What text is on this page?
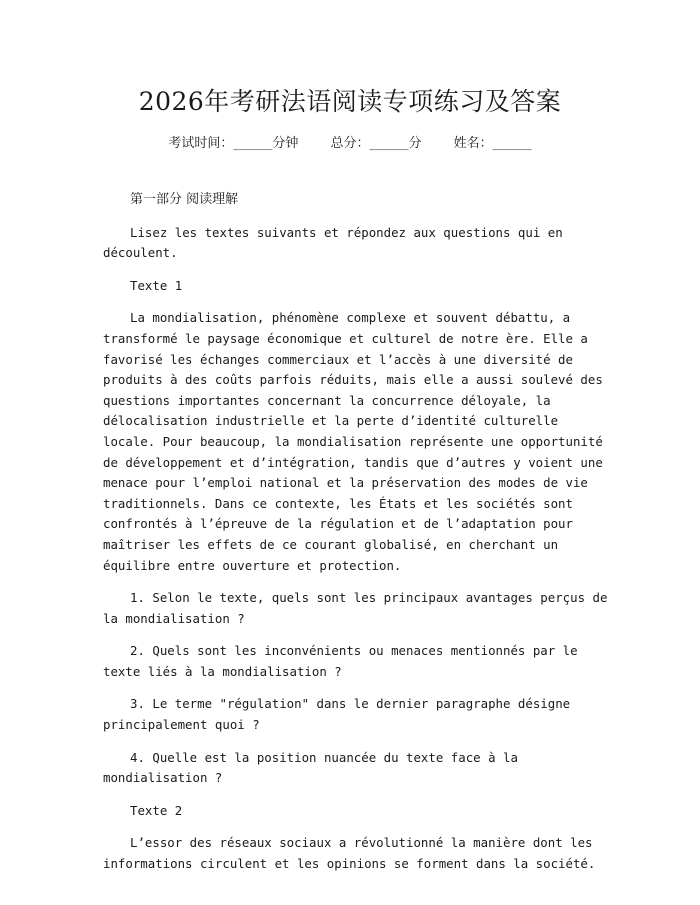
2026年考研法语阅读专项练习及答案
考试时间：______分钟 总分：______分 姓名：______

第一部分 阅读理解

Lisez les textes suivants et répondez aux questions qui en découlent.

Texte 1

La mondialisation, phénomène complexe et souvent débattu, a transformé le paysage économique et culturel de notre ère. Elle a favorisé les échanges commerciaux et l’accès à une diversité de produits à des coûts parfois réduits, mais elle a aussi soulevé des questions importantes concernant la concurrence déloyale, la délocalisation industrielle et la perte d’identité culturelle locale. Pour beaucoup, la mondialisation représente une opportunité de développement et d’intégration, tandis que d’autres y voient une menace pour l’emploi national et la préservation des modes de vie traditionnels. Dans ce contexte, les États et les sociétés sont confrontés à l’épreuve de la régulation et de l’adaptation pour maîtriser les effets de ce courant globalisé, en cherchant un équilibre entre ouverture et protection.

1. Selon le texte, quels sont les principaux avantages perçus de la mondialisation ?

2. Quels sont les inconvénients ou menaces mentionnés par le texte liés à la mondialisation ?

3. Le terme "régulation" dans le dernier paragraphe désigne principalement quoi ?

4. Quelle est la position nuancée du texte face à la mondialisation ?

Texte 2

L’essor des réseaux sociaux a révolutionné la manière dont les informations circulent et les opinions se forment dans la société.
